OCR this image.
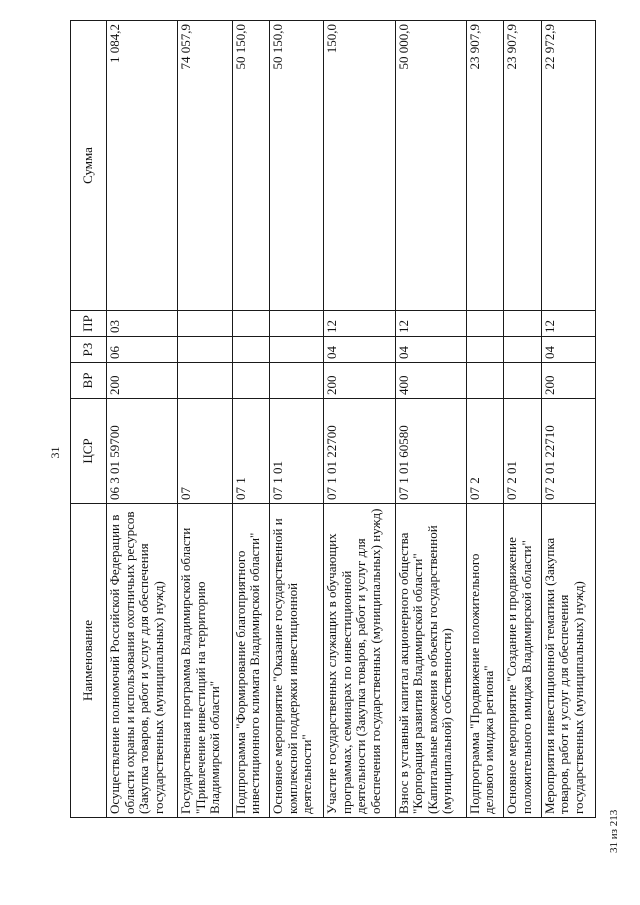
31
Наименование	ЦСР	ВР	РЗ	ПР	Сумма
Осуществление полномочий Российской Федерации в области охраны и использования охотничьих ресурсов (Закупка товаров, работ и услуг для обеспечения государственных (муниципальных) нужд)	06 3 01 59700	200	06	03	1 084,2
Государственная программа Владимирской области "Привлечение инвестиций на территорию Владимирской области"	07				74 057,9
Подпрограмма "Формирование благоприятного инвестиционного климата Владимирской области"	07 1				50 150,0
Основное мероприятие "Оказание государственной и комплексной поддержки инвестиционной деятельности"	07 1 01				50 150,0
Участие государственных служащих в обучающих программах, семинарах по инвестиционной деятельности (Закупка товаров, работ и услуг для обеспечения государственных (муниципальных) нужд)	07 1 01 22700	200	04	12	150,0
Взнос в уставный капитал акционерного общества "Корпорация развития Владимирской области" (Капитальные вложения в объекты государственной (муниципальной) собственности)	07 1 01 60580	400	04	12	50 000,0
Подпрограмма "Продвижение положительного делового имиджа региона"	07 2				23 907,9
Основное мероприятие "Создание и продвижение положительного имиджа Владимирской области"	07 2 01				23 907,9
Мероприятия инвестиционной тематики (Закупка товаров, работ и услуг для обеспечения государственных (муниципальных) нужд)	07 2 01 22710	200	04	12	22 972,9
31 из 213
